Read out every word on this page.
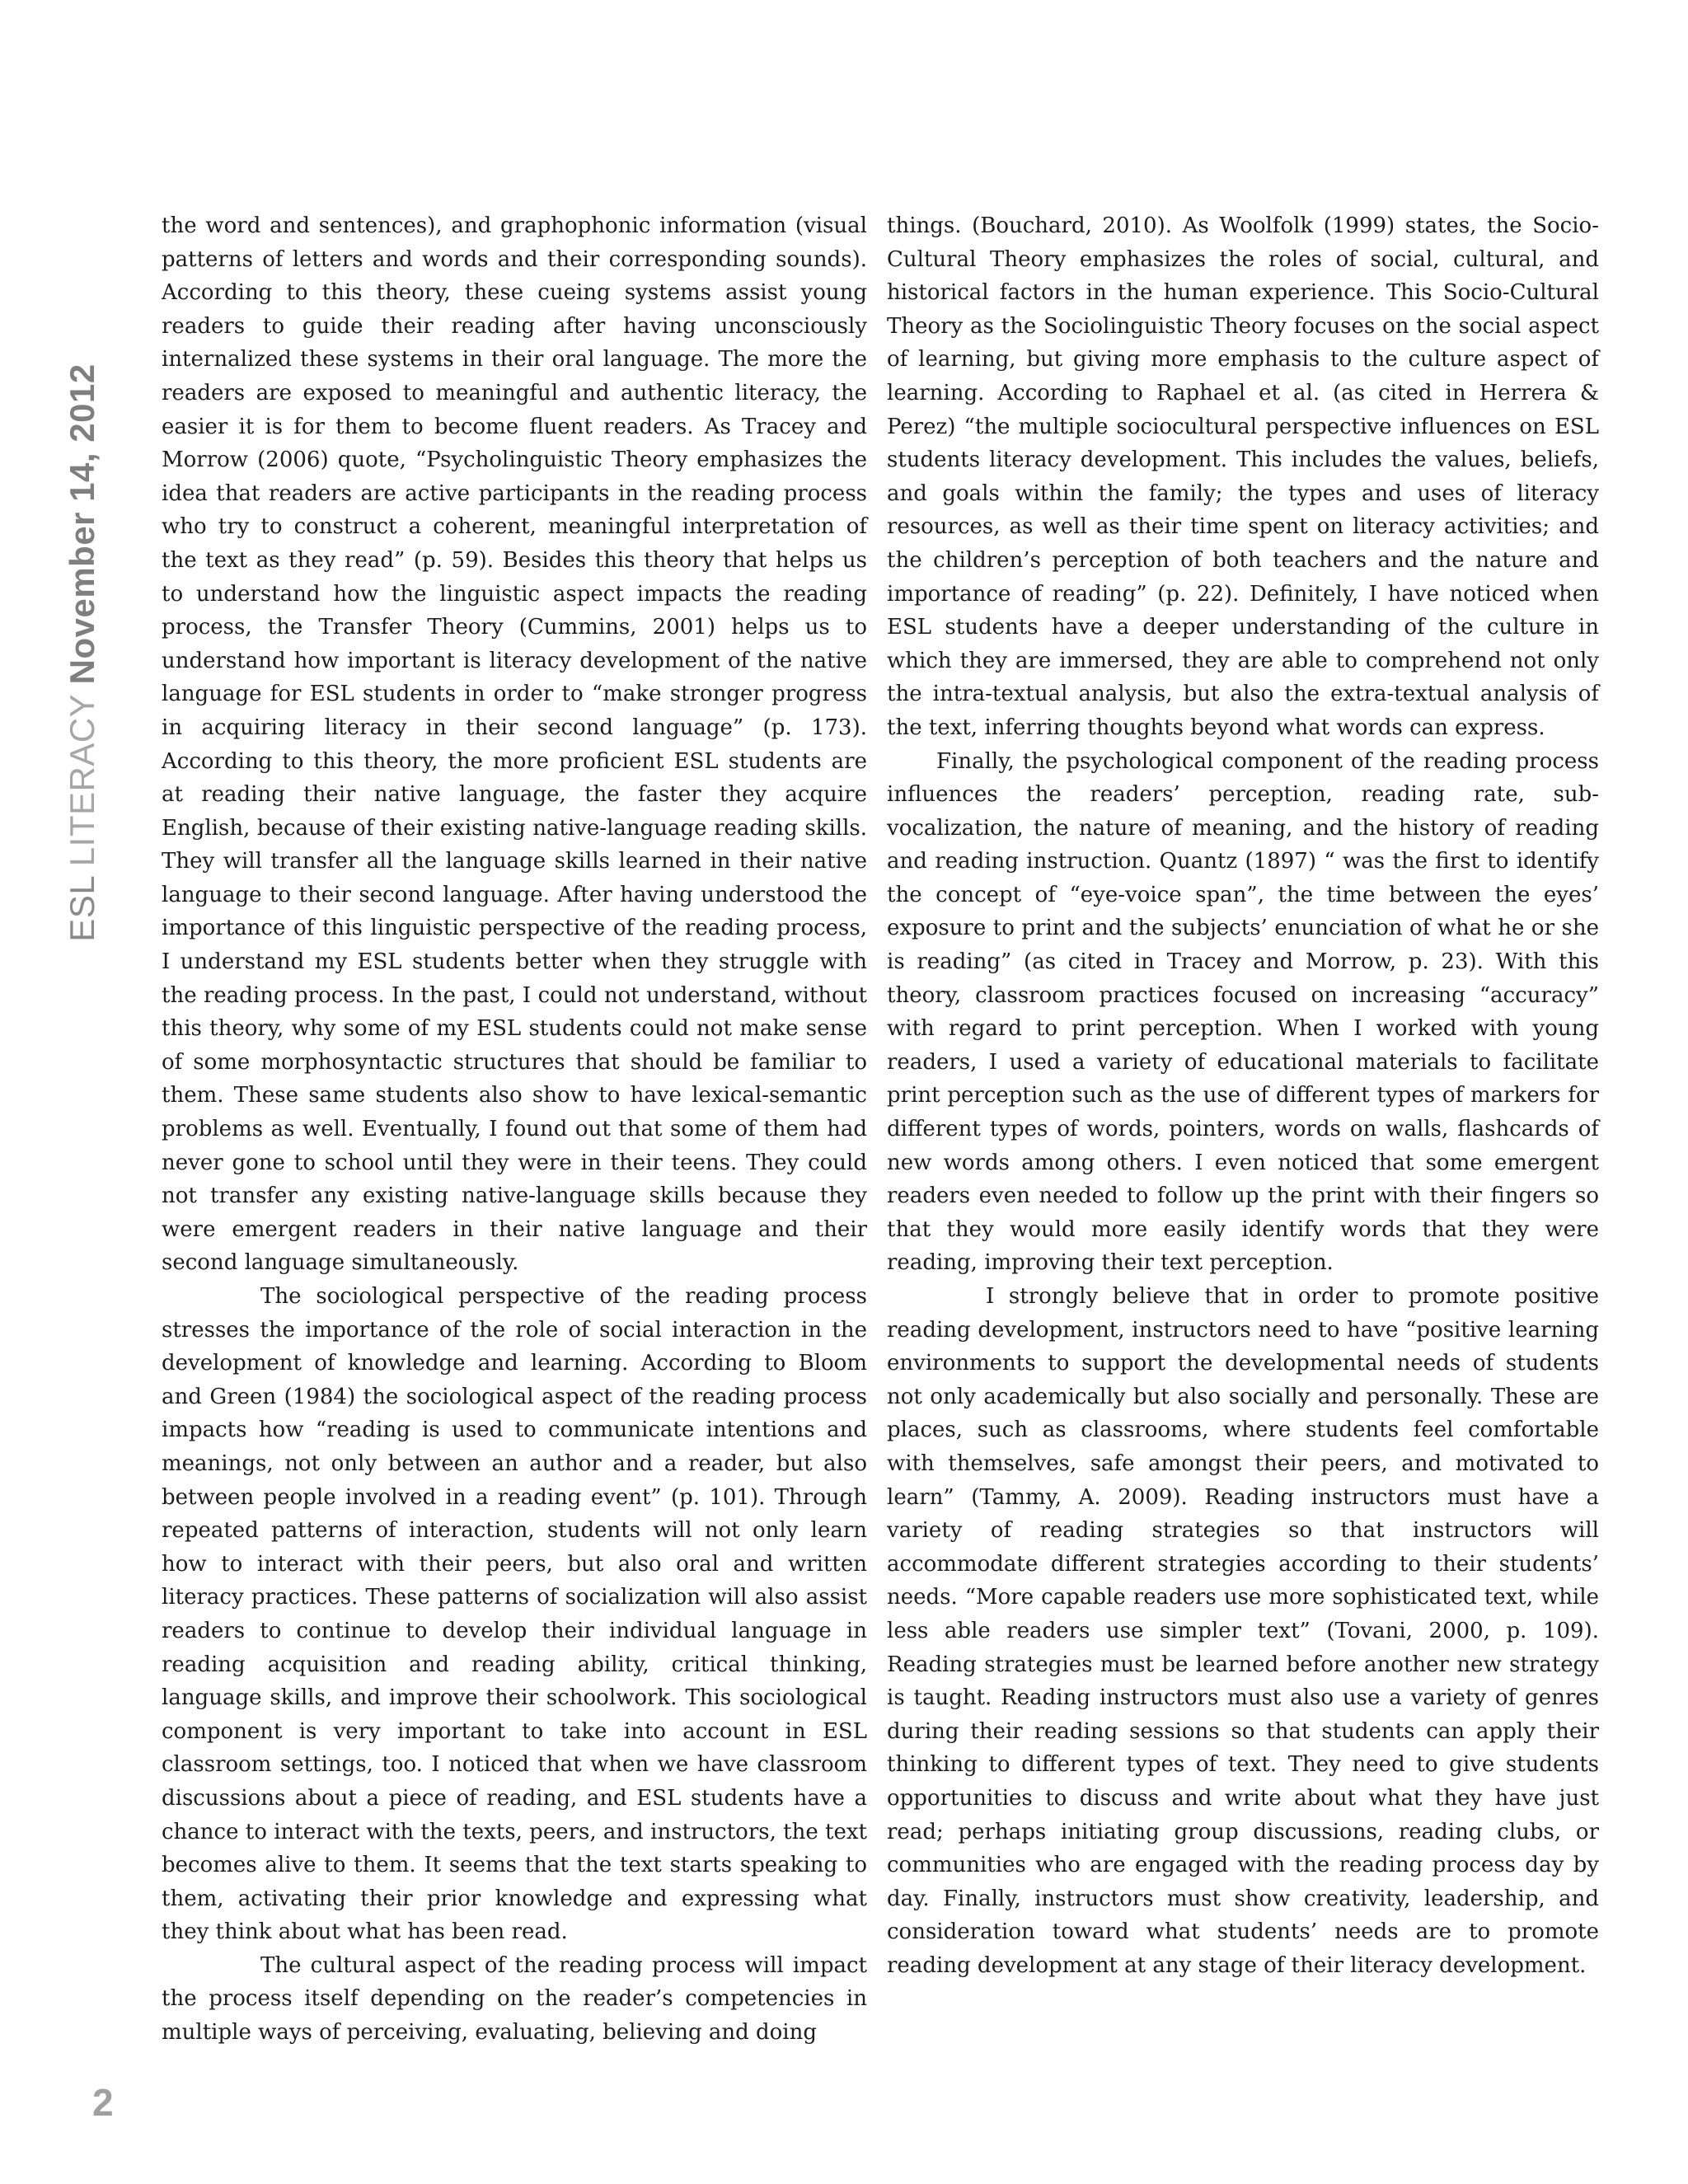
ESL LITERACY November 14, 2012

the word and sentences), and graphophonic information (visual patterns of letters and words and their corresponding sounds). According to this theory, these cueing systems assist young readers to guide their reading after having unconsciously internalized these systems in their oral language. The more the readers are exposed to meaningful and authentic literacy, the easier it is for them to become fluent readers. As Tracey and Morrow (2006) quote, “Psycholinguistic Theory emphasizes the idea that readers are active participants in the reading process who try to construct a coherent, meaningful interpretation of the text as they read” (p. 59). Besides this theory that helps us to understand how the linguistic aspect impacts the reading process, the Transfer Theory (Cummins, 2001) helps us to understand how important is literacy development of the native language for ESL students in order to “make stronger progress in acquiring literacy in their second language” (p. 173). According to this theory, the more proficient ESL students are at reading their native language, the faster they acquire English, because of their existing native-language reading skills. They will transfer all the language skills learned in their native language to their second language. After having understood the importance of this linguistic perspective of the reading process, I understand my ESL students better when they struggle with the reading process. In the past, I could not understand, without this theory, why some of my ESL students could not make sense of some morphosyntactic structures that should be familiar to them. These same students also show to have lexical-semantic problems as well. Eventually, I found out that some of them had never gone to school until they were in their teens. They could not transfer any existing native-language skills because they were emergent readers in their native language and their second language simultaneously.

The sociological perspective of the reading process stresses the importance of the role of social interaction in the development of knowledge and learning. According to Bloom and Green (1984) the sociological aspect of the reading process impacts how “reading is used to communicate intentions and meanings, not only between an author and a reader, but also between people involved in a reading event” (p. 101). Through repeated patterns of interaction, students will not only learn how to interact with their peers, but also oral and written literacy practices. These patterns of socialization will also assist readers to continue to develop their individual language in reading acquisition and reading ability, critical thinking, language skills, and improve their schoolwork. This sociological component is very important to take into account in ESL classroom settings, too. I noticed that when we have classroom discussions about a piece of reading, and ESL students have a chance to interact with the texts, peers, and instructors, the text becomes alive to them. It seems that the text starts speaking to them, activating their prior knowledge and expressing what they think about what has been read.

The cultural aspect of the reading process will impact the process itself depending on the reader’s competencies in multiple ways of perceiving, evaluating, believing and doing

things. (Bouchard, 2010). As Woolfolk (1999) states, the Socio-Cultural Theory emphasizes the roles of social, cultural, and historical factors in the human experience. This Socio-Cultural Theory as the Sociolinguistic Theory focuses on the social aspect of learning, but giving more emphasis to the culture aspect of learning. According to Raphael et al. (as cited in Herrera & Perez) “the multiple sociocultural perspective influences on ESL students literacy development. This includes the values, beliefs, and goals within the family; the types and uses of literacy resources, as well as their time spent on literacy activities; and the children’s perception of both teachers and the nature and importance of reading” (p. 22). Definitely, I have noticed when ESL students have a deeper understanding of the culture in which they are immersed, they are able to comprehend not only the intra-textual analysis, but also the extra-textual analysis of the text, inferring thoughts beyond what words can express.

Finally, the psychological component of the reading process influences the readers’ perception, reading rate, sub-vocalization, the nature of meaning, and the history of reading and reading instruction. Quantz (1897) “ was the first to identify the concept of “eye-voice span”, the time between the eyes’ exposure to print and the subjects’ enunciation of what he or she is reading” (as cited in Tracey and Morrow, p. 23). With this theory, classroom practices focused on increasing “accuracy” with regard to print perception. When I worked with young readers, I used a variety of educational materials to facilitate print perception such as the use of different types of markers for different types of words, pointers, words on walls, flashcards of new words among others. I even noticed that some emergent readers even needed to follow up the print with their fingers so that they would more easily identify words that they were reading, improving their text perception.

I strongly believe that in order to promote positive reading development, instructors need to have “positive learning environments to support the developmental needs of students not only academically but also socially and personally. These are places, such as classrooms, where students feel comfortable with themselves, safe amongst their peers, and motivated to learn” (Tammy, A. 2009). Reading instructors must have a variety of reading strategies so that instructors will accommodate different strategies according to their students’ needs. “More capable readers use more sophisticated text, while less able readers use simpler text” (Tovani, 2000, p. 109). Reading strategies must be learned before another new strategy is taught. Reading instructors must also use a variety of genres during their reading sessions so that students can apply their thinking to different types of text. They need to give students opportunities to discuss and write about what they have just read; perhaps initiating group discussions, reading clubs, or communities who are engaged with the reading process day by day. Finally, instructors must show creativity, leadership, and consideration toward what students’ needs are to promote reading development at any stage of their literacy development.

2
